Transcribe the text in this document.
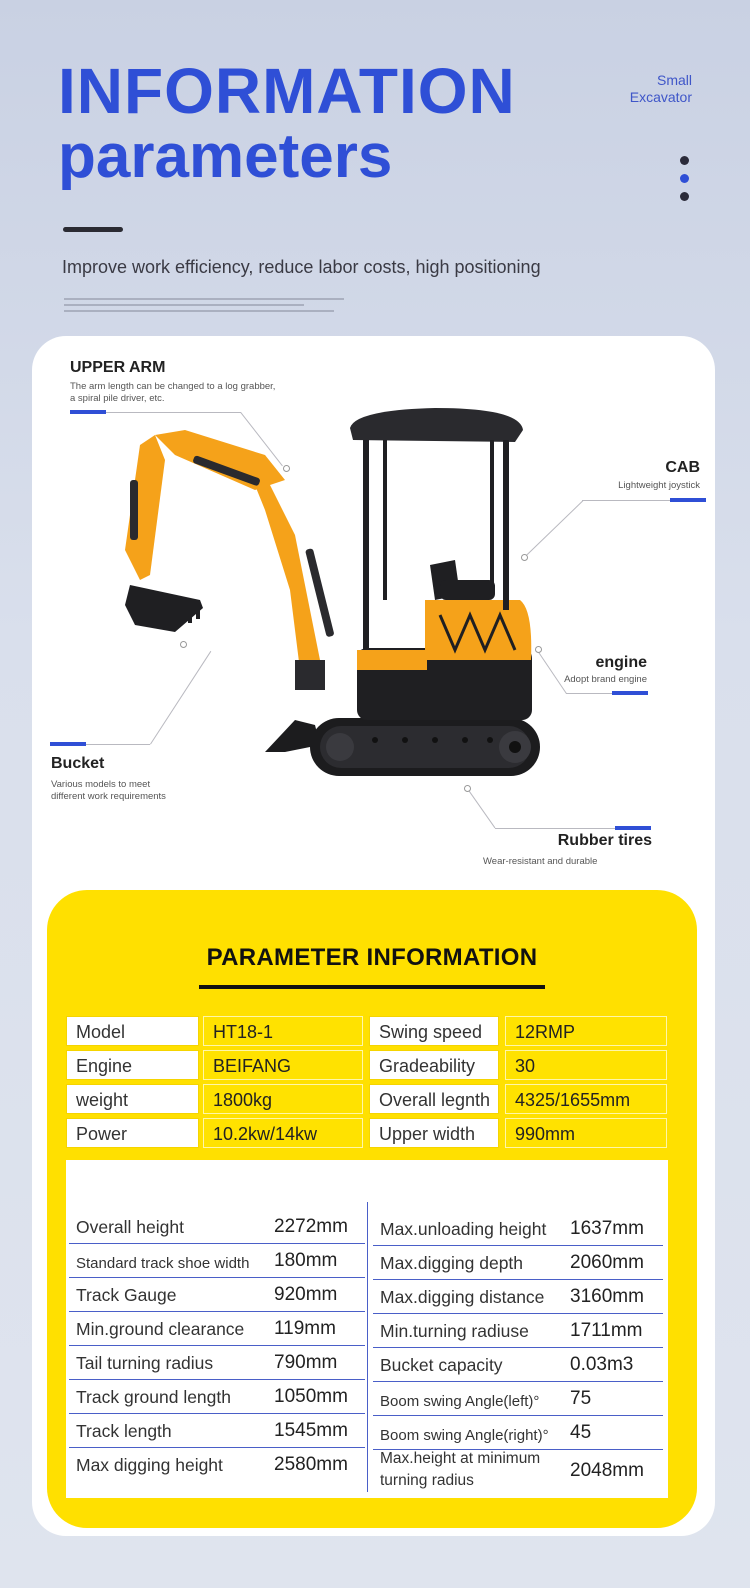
INFORMATION
parameters
Small
Excavator
Improve work efficiency, reduce labor costs, high positioning
UPPER ARM
The arm length can be changed to a log grabber,
a spiral pile driver, etc.
CAB
Lightweight joystick
engine
Adopt brand engine
Bucket
Various models to meet
different work requirements
Rubber tires
Wear-resistant and durable
PARAMETER INFORMATION
Model	HT18-1	Swing speed	12RMP
Engine	BEIFANG	Gradeability	30
weight	1800kg	Overall legnth	4325/1655mm
Power	10.2kw/14kw	Upper width	990mm
Overall height	2272mm
Standard track shoe width 180mm
Track Gauge	920mm
Min.ground clearance 119mm
Tail turning radius	790mm
Track ground length 1050mm
Track length	1545mm
Max digging height	2580mm
Max.unloading height 1637mm
Max.digging depth 2060mm
Max.digging distance 3160mm
Min.turning radiuse 1711mm
Bucket capacity	0.03m3
Boom swing Angle(left)° 75
Boom swing Angle(right)° 45
Max.height at minimum turning radius	2048mm
